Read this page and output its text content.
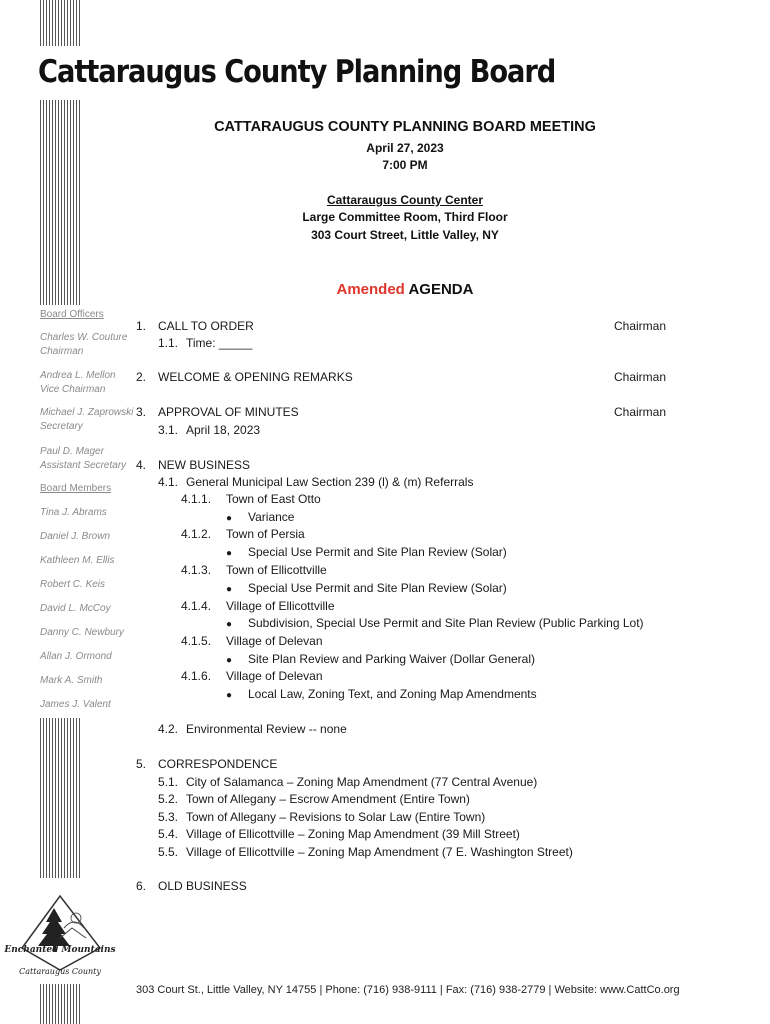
Cattaraugus County Planning Board
CATTARAUGUS COUNTY PLANNING BOARD MEETING
April 27, 2023
7:00 PM
Cattaraugus County Center
Large Committee Room, Third Floor
303 Court Street, Little Valley, NY
Amended AGENDA
Board Officers
Charles W. Couture
Chairman
Andrea L. Mellon
Vice Chairman
Michael J. Zaprowski
Secretary
Paul D. Mager
Assistant Secretary
Board Members
Tina J. Abrams
Daniel J. Brown
Kathleen M. Ellis
Robert C. Keis
David L. McCoy
Danny C. Newbury
Allan J. Ormond
Mark A. Smith
James J. Valent
1. CALL TO ORDER	Chairman
1.1. Time: _____
2. WELCOME & OPENING REMARKS	Chairman
3. APPROVAL OF MINUTES	Chairman
3.1. April 18, 2023
4. NEW BUSINESS
4.1. General Municipal Law Section 239 (l) & (m) Referrals
4.1.1. Town of East Otto
● Variance
4.1.2. Town of Persia
● Special Use Permit and Site Plan Review (Solar)
4.1.3. Town of Ellicottville
● Special Use Permit and Site Plan Review (Solar)
4.1.4. Village of Ellicottville
● Subdivision, Special Use Permit and Site Plan Review (Public Parking Lot)
4.1.5. Village of Delevan
● Site Plan Review and Parking Waiver (Dollar General)
4.1.6. Village of Delevan
● Local Law, Zoning Text, and Zoning Map Amendments
4.2. Environmental Review -- none
5. CORRESPONDENCE
5.1. City of Salamanca – Zoning Map Amendment (77 Central Avenue)
5.2. Town of Allegany – Escrow Amendment (Entire Town)
5.3. Town of Allegany – Revisions to Solar Law (Entire Town)
5.4. Village of Ellicottville – Zoning Map Amendment (39 Mill Street)
5.5. Village of Ellicottville – Zoning Map Amendment (7 E. Washington Street)
6. OLD BUSINESS
Enchanted Mountains
Cattaraugus County
303 Court St., Little Valley, NY 14755 | Phone: (716) 938-9111 | Fax: (716) 938-2779 | Website: www.CattCo.org
